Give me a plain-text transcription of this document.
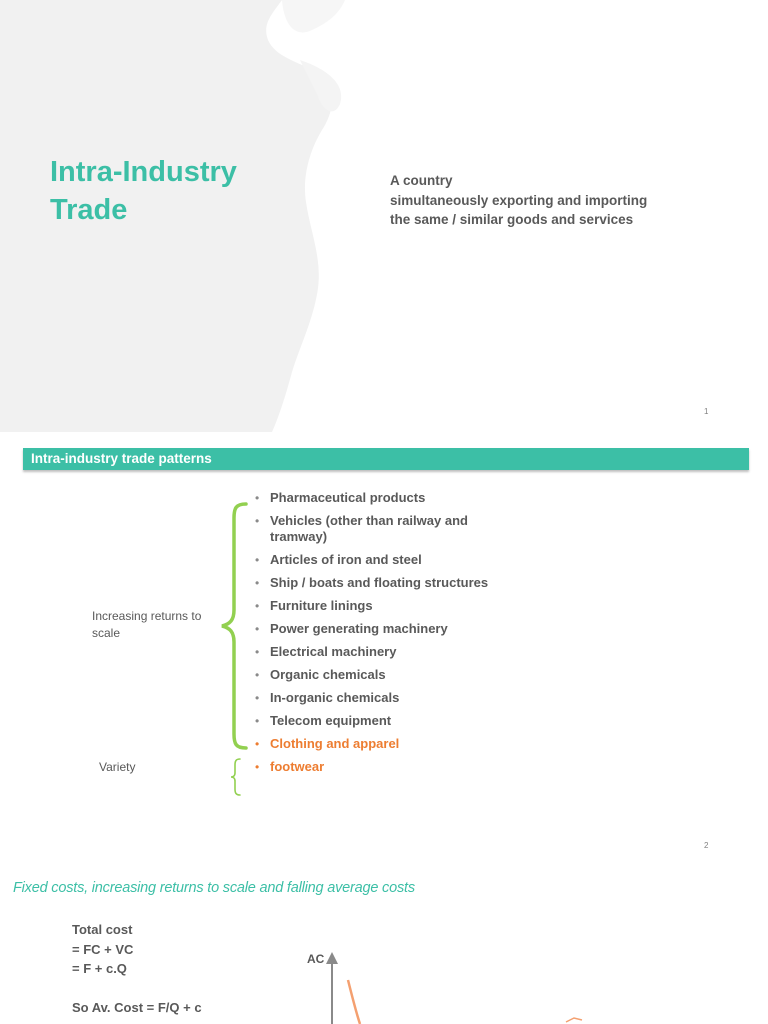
Intra-Industry Trade
A country
simultaneously exporting and importing
the same / similar goods and services
1
Intra-industry trade patterns
Increasing returns to scale
Variety
• Pharmaceutical products
• Vehicles (other than railway and tramway)
• Articles of iron and steel
• Ship / boats and floating structures
• Furniture linings
• Power generating machinery
• Electrical machinery
• Organic chemicals
• In-organic chemicals
• Telecom equipment
• Clothing and apparel
• footwear
2
Fixed costs, increasing returns to scale and falling average costs
Total cost
= FC + VC
= F + c.Q
So Av. Cost = F/Q + c
AC
